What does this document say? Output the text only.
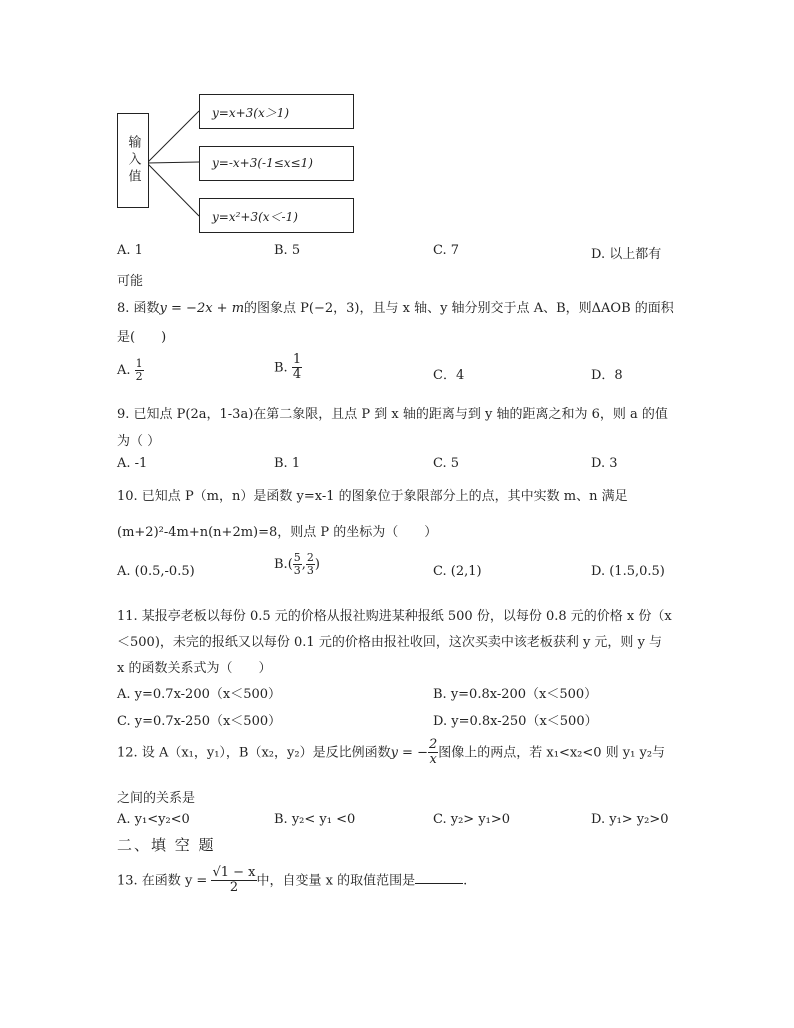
输入值
y=x+3(x＞1)
y=-x+3(-1≤x≤1)
y=x²+3(x＜-1)
A. 1	B. 5	C. 7	D. 以上都有
可能
8. 函数y = −2x + m的图象点 P(−2，3)，且与 x 轴、y 轴分别交于点 A、B，则ΔAOB 的面积
是(　　)
A. $\frac{1}{2}$	B. $\frac{1}{4}$	C．4	D．8
9. 已知点 P(2a，1-3a)在第二象限，且点 P 到 x 轴的距离与到 y 轴的距离之和为 6，则 a 的值
为（ ）
A. -1	B. 1	C. 5	D. 3
10. 已知点 P（m，n）是函数 y=x-1 的图象位于象限部分上的点，其中实数 m、n 满足
(m+2)²-4m+n(n+2m)=8，则点 P 的坐标为（　　）
A. (0.5,-0.5)	$B.( \frac{5}{3}$ , $\frac{2}{3}$ )	C. (2,1)	D. (1.5,0.5)
11. 某报亭老板以每份 0.5 元的价格从报社购进某种报纸 500 份，以每份 0.8 元的价格 x 份（x
＜500)，未完的报纸又以每份 0.1 元的价格由报社收回，这次买卖中该老板获利 y 元，则 y 与
x 的函数关系式为（　　）
A. y=0.7x-200（x＜500）	B. y=0.8x-200（x＜500）
C. y=0.7x-250（x＜500）	D. y=0.8x-250（x＜500）
12. 设 A（x₁，y₁），B（x₂，y₂）是反比例函数y = − $\frac{2}{x}$ 图像上的两点，若 x₁<x₂<0 则 y₁ y₂与
之间的关系是
A. y₁<y₂<0	B. y₂< y₁ <0	C. y₂> y₁>0	D. y₁> y₂>0
二、填 空 题
13. 在函数 $y = \frac{√1 - x}{2}$ 中，自变量 x 的取值范围是	.
